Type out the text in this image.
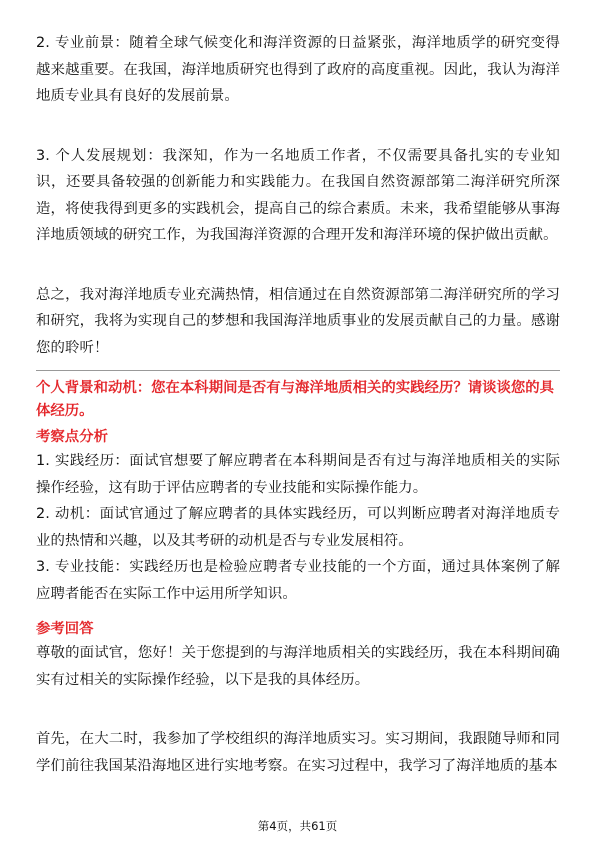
2. 专业前景：随着全球气候变化和海洋资源的日益紧张，海洋地质学的研究变得越来越重要。在我国，海洋地质研究也得到了政府的高度重视。因此，我认为海洋地质专业具有良好的发展前景。

3. 个人发展规划：我深知，作为一名地质工作者，不仅需要具备扎实的专业知识，还要具备较强的创新能力和实践能力。在我国自然资源部第二海洋研究所深造，将使我得到更多的实践机会，提高自己的综合素质。未来，我希望能够从事海洋地质领域的研究工作，为我国海洋资源的合理开发和海洋环境的保护做出贡献。

总之，我对海洋地质专业充满热情，相信通过在自然资源部第二海洋研究所的学习和研究，我将为实现自己的梦想和我国海洋地质事业的发展贡献自己的力量。感谢您的聆听！

个人背景和动机：您在本科期间是否有与海洋地质相关的实践经历？请谈谈您的具体经历。
考察点分析

1. 实践经历：面试官想要了解应聘者在本科期间是否有过与海洋地质相关的实际操作经验，这有助于评估应聘者的专业技能和实际操作能力。

2. 动机：面试官通过了解应聘者的具体实践经历，可以判断应聘者对海洋地质专业的热情和兴趣，以及其考研的动机是否与专业发展相符。

3. 专业技能：实践经历也是检验应聘者专业技能的一个方面，通过具体案例了解应聘者能否在实际工作中运用所学知识。

参考回答

尊敬的面试官，您好！关于您提到的与海洋地质相关的实践经历，我在本科期间确实有过相关的实际操作经验，以下是我的具体经历。

首先，在大二时，我参加了学校组织的海洋地质实习。实习期间，我跟随导师和同学们前往我国某沿海地区进行实地考察。在实习过程中，我学习了海洋地质的基本

第4页，共61页
